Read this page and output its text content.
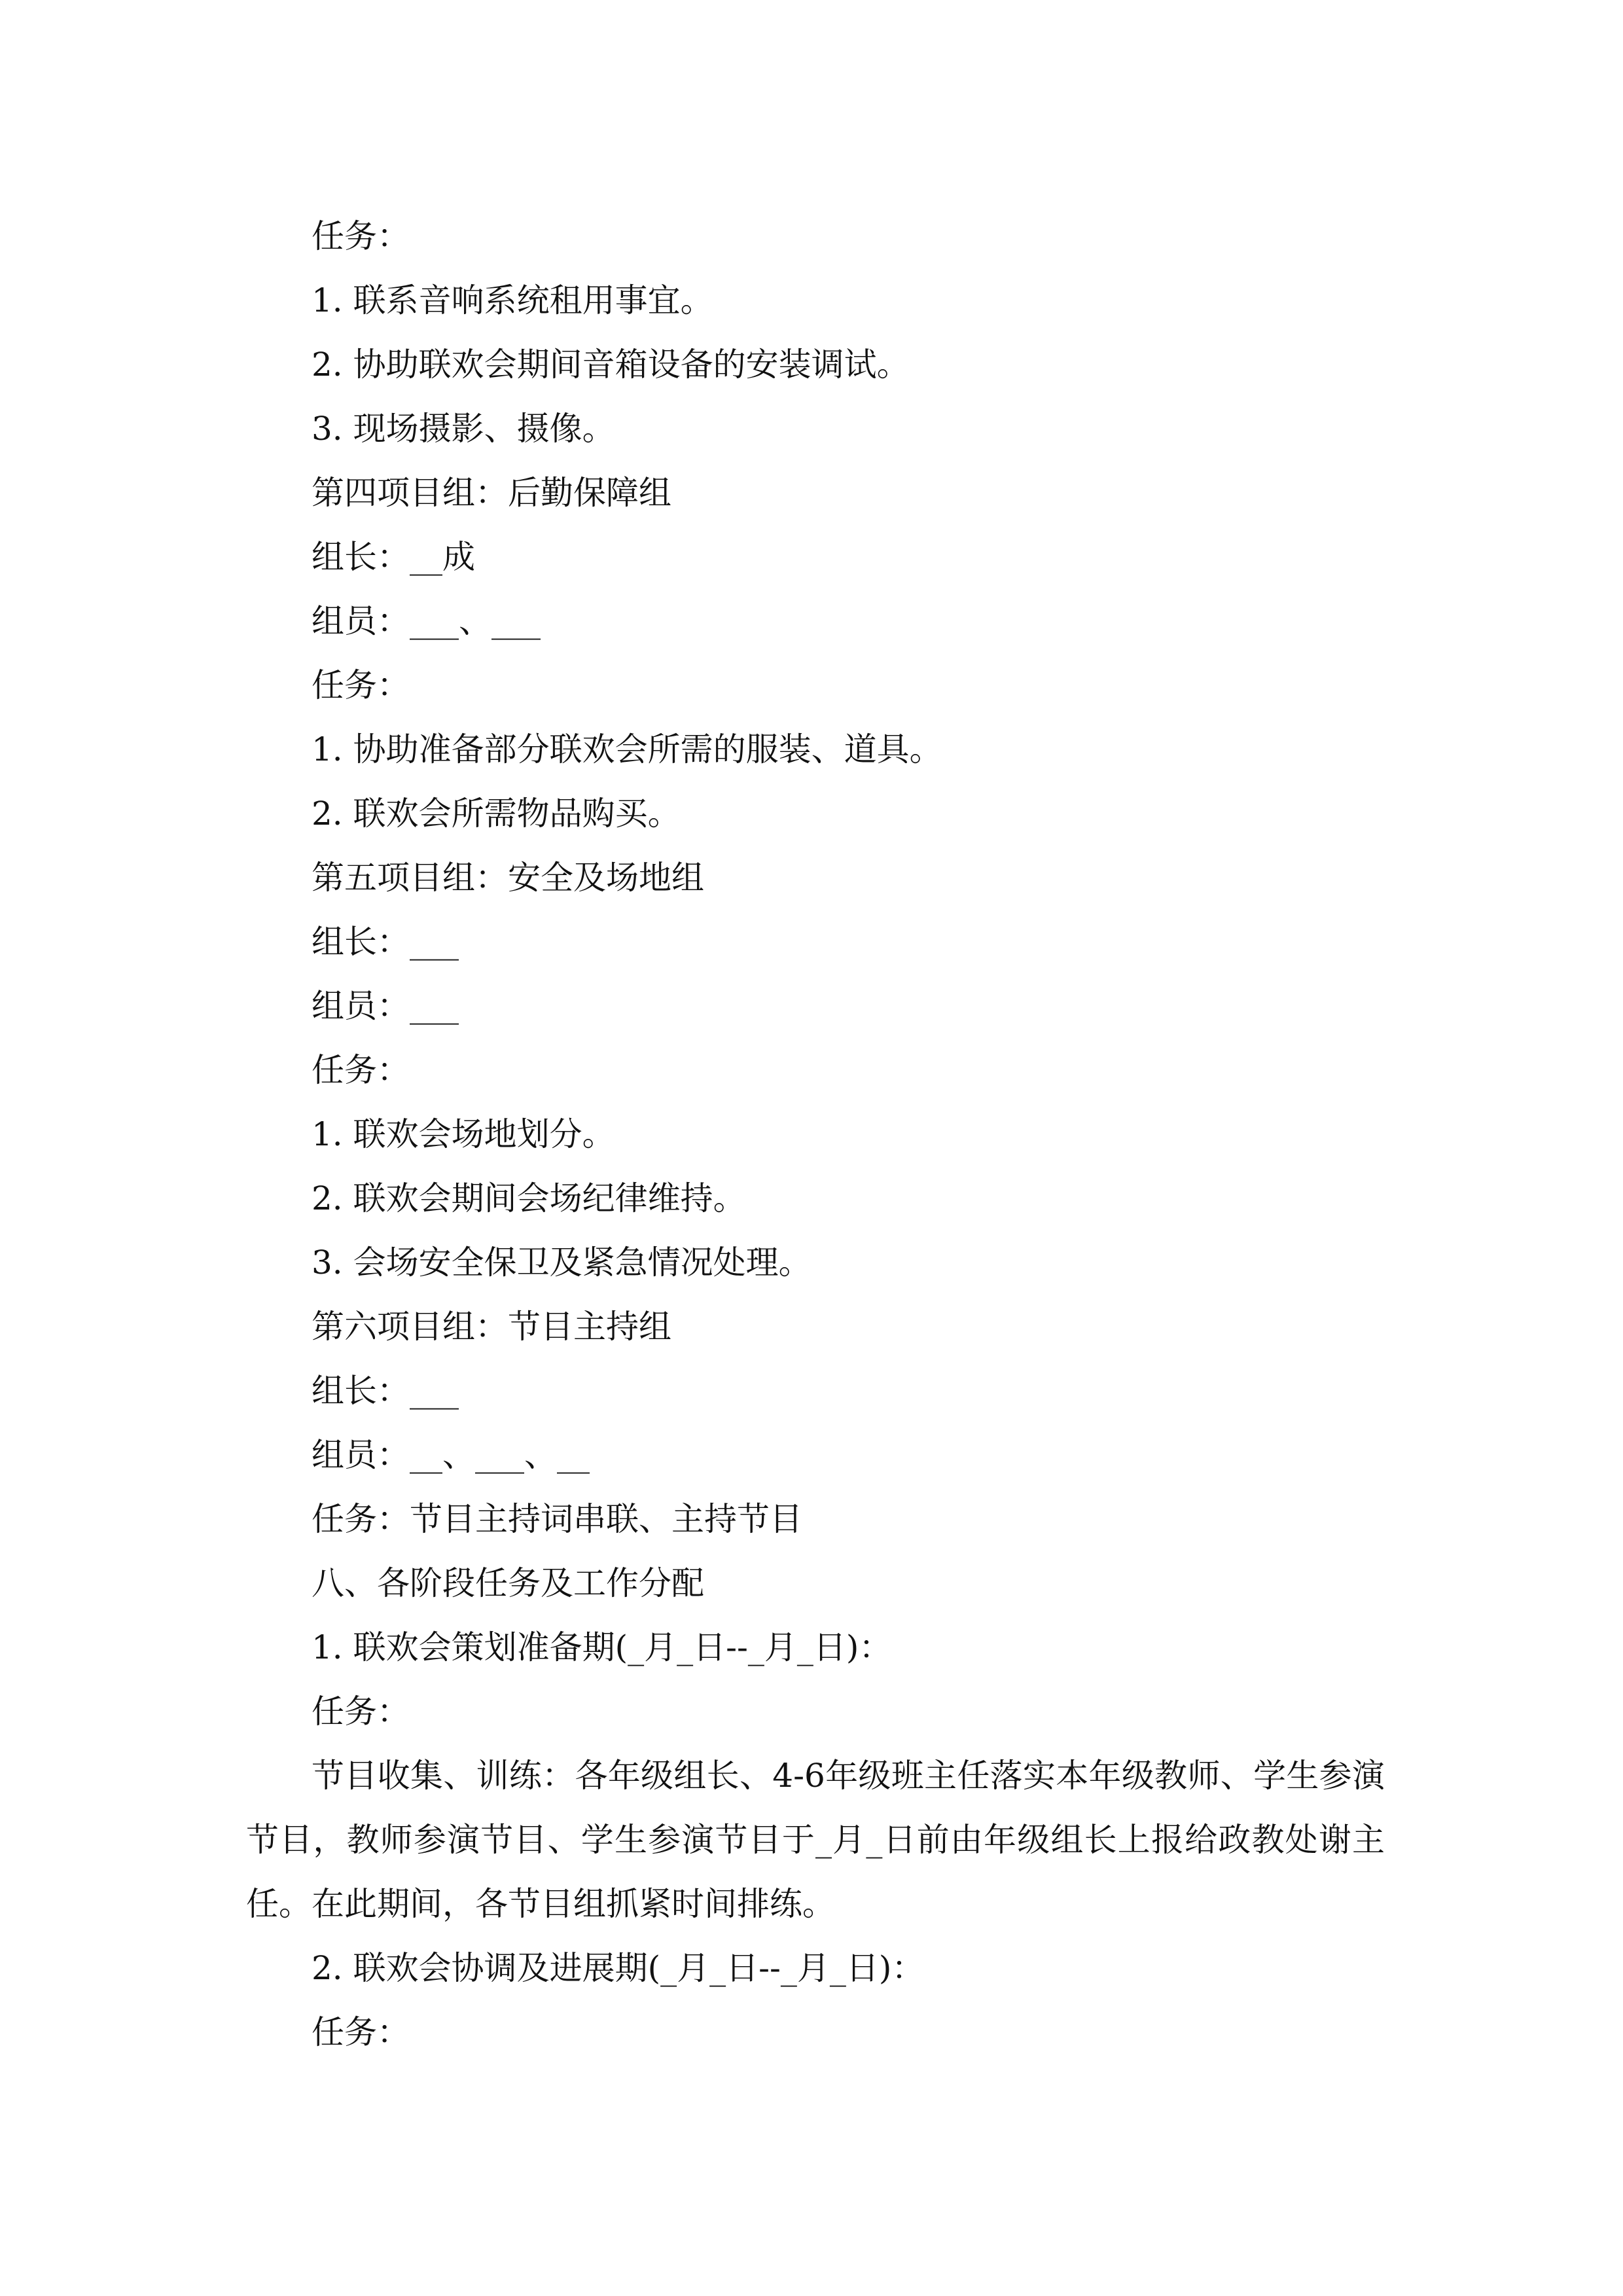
任务：
1. 联系音响系统租用事宜。
2. 协助联欢会期间音箱设备的安装调试。
3. 现场摄影、摄像。
第四项目组：后勤保障组
组长：__成
组员：___、___
任务：
1. 协助准备部分联欢会所需的服装、道具。
2. 联欢会所需物品购买。
第五项目组：安全及场地组
组长：___
组员：___
任务：
1. 联欢会场地划分。
2. 联欢会期间会场纪律维持。
3. 会场安全保卫及紧急情况处理。
第六项目组：节目主持组
组长：___
组员：__、___、__
任务：节目主持词串联、主持节目
八、各阶段任务及工作分配
1. 联欢会策划准备期(_月_日--_月_日)：
任务：

节目收集、训练：各年级组长、4-6年级班主任落实本年级教师、学生参演节目，教师参演节目、学生参演节目于_月_日前由年级组长上报给政教处谢主任。在此期间，各节目组抓紧时间排练。

2. 联欢会协调及进展期(_月_日--_月_日)：
任务：
